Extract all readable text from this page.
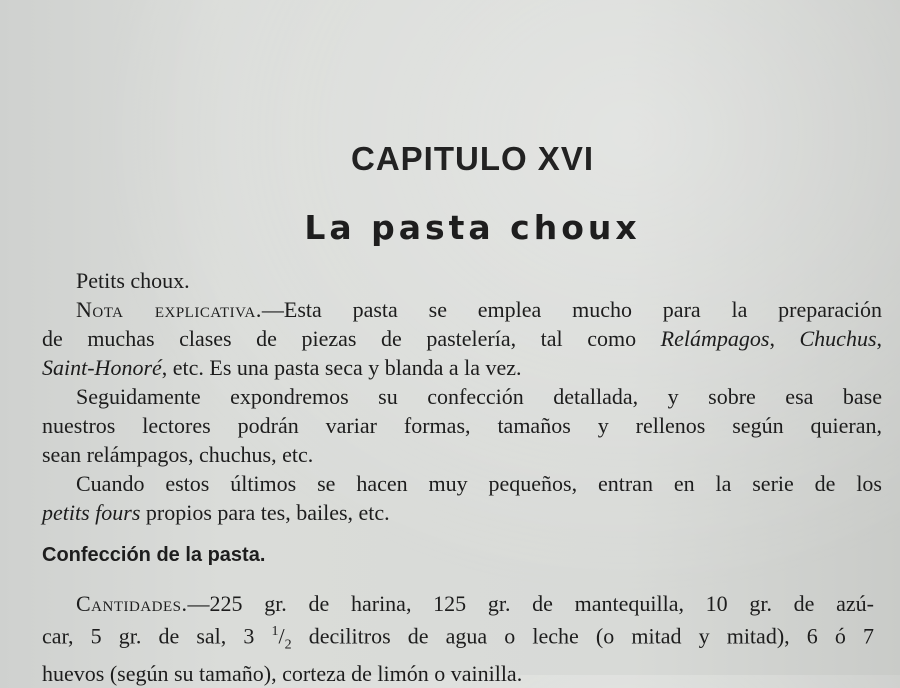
CAPITULO XVI
La pasta choux
Petits choux.
Nota explicativa.—Esta pasta se emplea mucho para la preparación
de muchas clases de piezas de pastelería, tal como Relámpagos, Chuchus,
Saint-Honoré, etc. Es una pasta seca y blanda a la vez.
Seguidamente expondremos su confección detallada, y sobre esa base
nuestros lectores podrán variar formas, tamaños y rellenos según quieran,
sean relámpagos, chuchus, etc.
Cuando estos últimos se hacen muy pequeños, entran en la serie de los
petits fours propios para tes, bailes, etc.
Confección de la pasta.
Cantidades.—225 gr. de harina, 125 gr. de mantequilla, 10 gr. de azú-
car, 5 gr. de sal, 3 $^1/_2$ decilitros de agua o leche (o mitad y mitad), 6 ó 7
huevos (según su tamaño), corteza de limón o vainilla.
